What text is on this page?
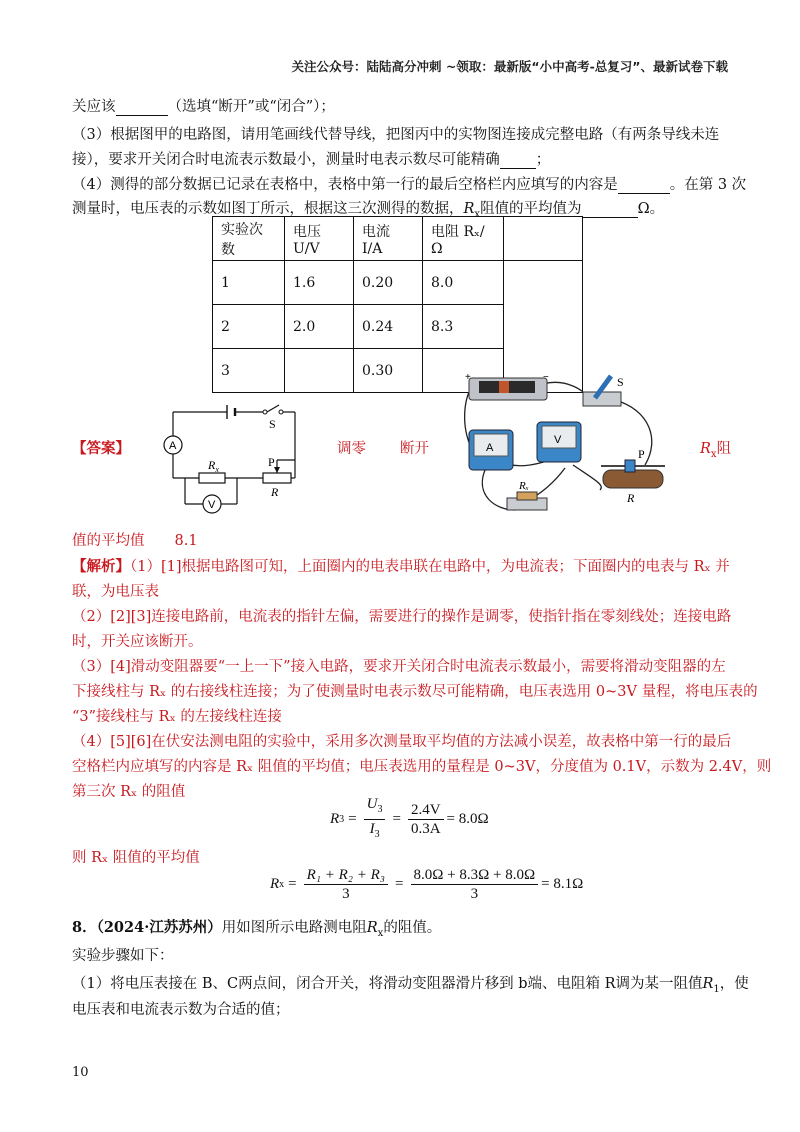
关注公众号：陆陆高分冲刺 ~领取：最新版“小中高考-总复习”、最新试卷下载
关应该	（选填“断开”或“闭合”）；
（3）根据图甲的电路图，请用笔画线代替导线，把图丙中的实物图连接成完整电路（有两条导线未连
接），要求开关闭合时电流表示数最小，测量时电表示数尽可能精确 ；
（4）测得的部分数据已记录在表格中，表格中第一行的最后空格栏内应填写的内容是	。在第 3 次
测量时，电压表的示数如图丁所示，根据这三次测得的数据，$R_x$阻值的平均值为	Ω。
实验次数	电压 U/V	电流 I/A	电阻 Rₓ/Ω	
1	1.6	0.20	8.0	
2	2.0	0.24	8.3	
3		0.30		
【答案】
S
A
$R_x$
P
R
V
调零 断开
+	−	S
A
V
Rₓ
P
R
$R_x$阻
值的平均值 8.1
【解析】（1）[1]根据电路图可知，上面圈内的电表串联在电路中，为电流表；下面圈内的电表与 Rₓ 并
联，为电压表
（2）[2][3]连接电路前，电流表的指针左偏，需要进行的操作是调零，使指针指在零刻线处；连接电路
时，开关应该断开。
（3）[4]滑动变阻器要“一上一下”接入电路，要求开关闭合时电流表示数最小，需要将滑动变阻器的左
下接线柱与 Rₓ 的右接线柱连接；为了使测量时电表示数尽可能精确，电压表选用 0~3V 量程，将电压表的
“3”接线柱与 Rₓ 的左接线柱连接
（4）[5][6]在伏安法测电阻的实验中，采用多次测量取平均值的方法减小误差，故表格中第一行的最后
空格栏内应填写的内容是 Rₓ 阻值的平均值；电压表选用的量程是 0~3V，分度值为 0.1V，示数为 2.4V，则
第三次 Rₓ 的阻值
R $3 = \frac{U_3}{I_3} = \frac{2.4V}{0.3A} = 8.0\Omega$
则 Rₓ 阻值的平均值
R $x = \frac{\text{R₁ + R₂ + R₃}}{3} = \frac{8.0\Omega + 8.3\Omega + 8.0\Omega}{3} = 8.1\Omega$
8．（2024·江苏苏州）用如图所示电路测电阻$R_x$的阻值。
实验步骤如下：
（1）将电压表接在 B、C两点间，闭合开关，将滑动变阻器滑片移到 b端、电阻箱 R调为某一阻值$R_1$，使
电压表和电流表示数为合适的值；
10
